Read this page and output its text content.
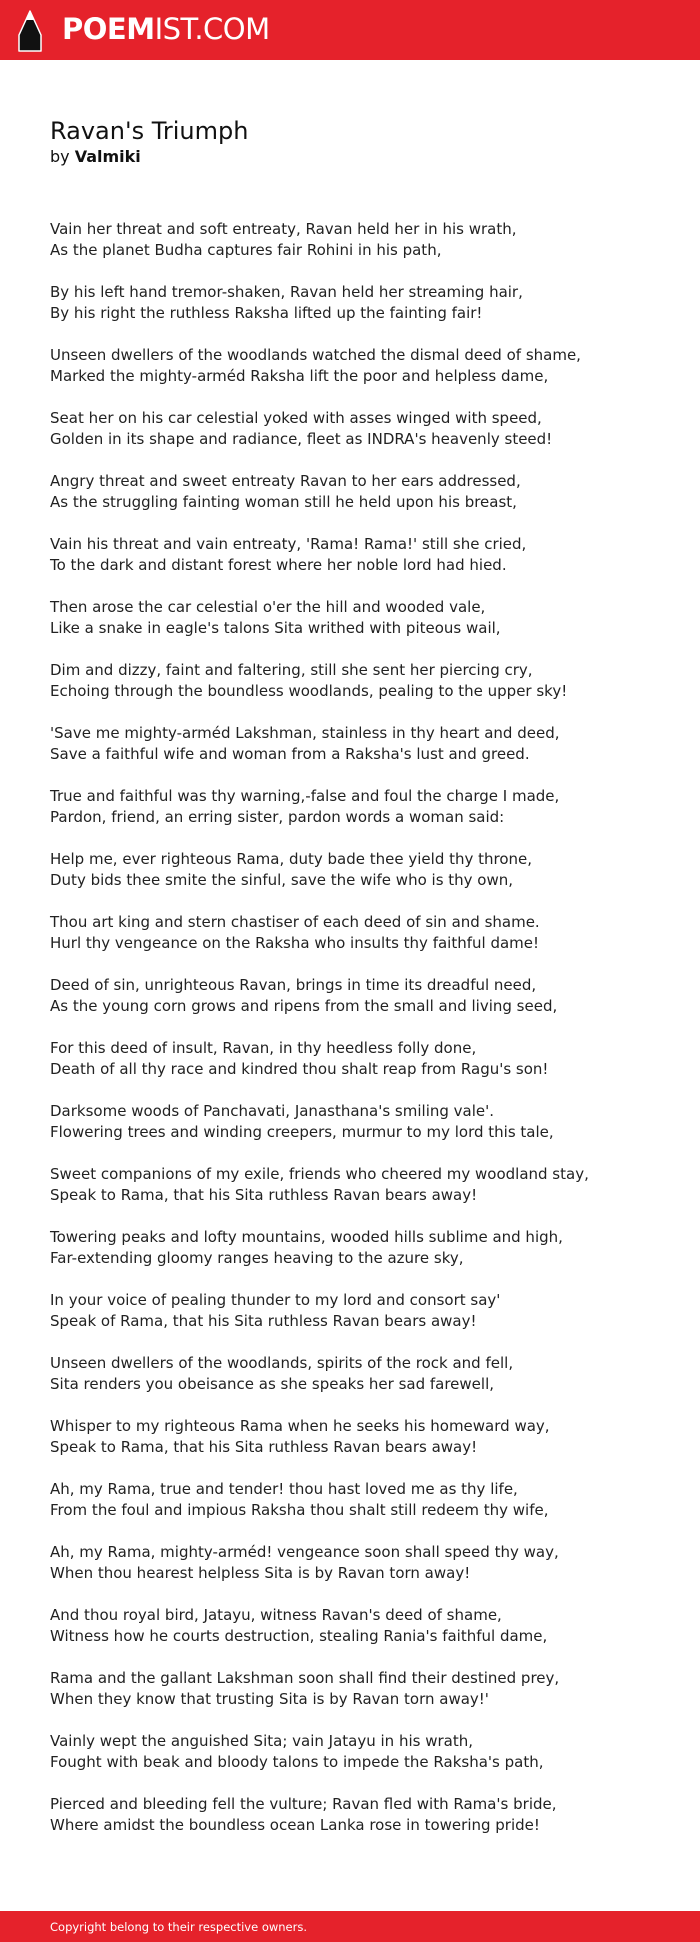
POEMIST.COM
Ravan's Triumph

by Valmiki

Vain her threat and soft entreaty, Ravan held her in his wrath,
As the planet Budha captures fair Rohini in his path,
By his left hand tremor-shaken, Ravan held her streaming hair,
By his right the ruthless Raksha lifted up the fainting fair!
Unseen dwellers of the woodlands watched the dismal deed of shame,
Marked the mighty-arméd Raksha lift the poor and helpless dame,
Seat her on his car celestial yoked with asses winged with speed,
Golden in its shape and radiance, fleet as INDRA's heavenly steed!
Angry threat and sweet entreaty Ravan to her ears addressed,
As the struggling fainting woman still he held upon his breast,
Vain his threat and vain entreaty, 'Rama! Rama!' still she cried,
To the dark and distant forest where her noble lord had hied.
Then arose the car celestial o'er the hill and wooded vale,
Like a snake in eagle's talons Sita writhed with piteous wail,
Dim and dizzy, faint and faltering, still she sent her piercing cry,
Echoing through the boundless woodlands, pealing to the upper sky!
'Save me mighty-arméd Lakshman, stainless in thy heart and deed,
Save a faithful wife and woman from a Raksha's lust and greed.
True and faithful was thy warning,-false and foul the charge I made,
Pardon, friend, an erring sister, pardon words a woman said:
Help me, ever righteous Rama, duty bade thee yield thy throne,
Duty bids thee smite the sinful, save the wife who is thy own,
Thou art king and stern chastiser of each deed of sin and shame.
Hurl thy vengeance on the Raksha who insults thy faithful dame!
Deed of sin, unrighteous Ravan, brings in time its dreadful need,
As the young corn grows and ripens from the small and living seed,
For this deed of insult, Ravan, in thy heedless folly done,
Death of all thy race and kindred thou shalt reap from Ragu's son!
Darksome woods of Panchavati, Janasthana's smiling vale'.
Flowering trees and winding creepers, murmur to my lord this tale,
Sweet companions of my exile, friends who cheered my woodland stay,
Speak to Rama, that his Sita ruthless Ravan bears away!
Towering peaks and lofty mountains, wooded hills sublime and high,
Far-extending gloomy ranges heaving to the azure sky,
In your voice of pealing thunder to my lord and consort say'
Speak of Rama, that his Sita ruthless Ravan bears away!
Unseen dwellers of the woodlands, spirits of the rock and fell,
Sita renders you obeisance as she speaks her sad farewell,
Whisper to my righteous Rama when he seeks his homeward way,
Speak to Rama, that his Sita ruthless Ravan bears away!
Ah, my Rama, true and tender! thou hast loved me as thy life,
From the foul and impious Raksha thou shalt still redeem thy wife,
Ah, my Rama, mighty-arméd! vengeance soon shall speed thy way,
When thou hearest helpless Sita is by Ravan torn away!
And thou royal bird, Jatayu, witness Ravan's deed of shame,
Witness how he courts destruction, stealing Rania's faithful dame,
Rama and the gallant Lakshman soon shall find their destined prey,
When they know that trusting Sita is by Ravan torn away!'
Vainly wept the anguished Sita; vain Jatayu in his wrath,
Fought with beak and bloody talons to impede the Raksha's path,
Pierced and bleeding fell the vulture; Ravan fled with Rama's bride,
Where amidst the boundless ocean Lanka rose in towering pride!
Copyright belong to their respective owners.
